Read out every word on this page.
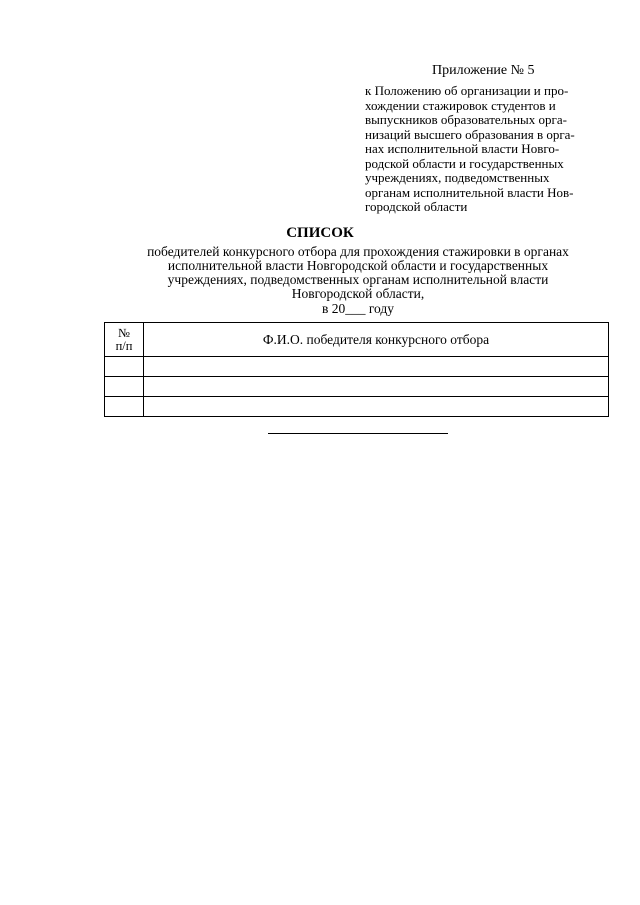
Приложение № 5
к Положению об организации и про-
хождении стажировок студентов и
выпускников образовательных орга-
низаций высшего образования в орга-
нах исполнительной власти Новго-
родской области и государственных
учреждениях, подведомственных
органам исполнительной власти Нов-
городской области
СПИСОК
победителей конкурсного отбора для прохождения стажировки в органах
исполнительной власти Новгородской области и государственных
учреждениях, подведомственных органам исполнительной власти
Новгородской области,
в 20___ году
№
п/п	Ф.И.О. победителя конкурсного отбора
